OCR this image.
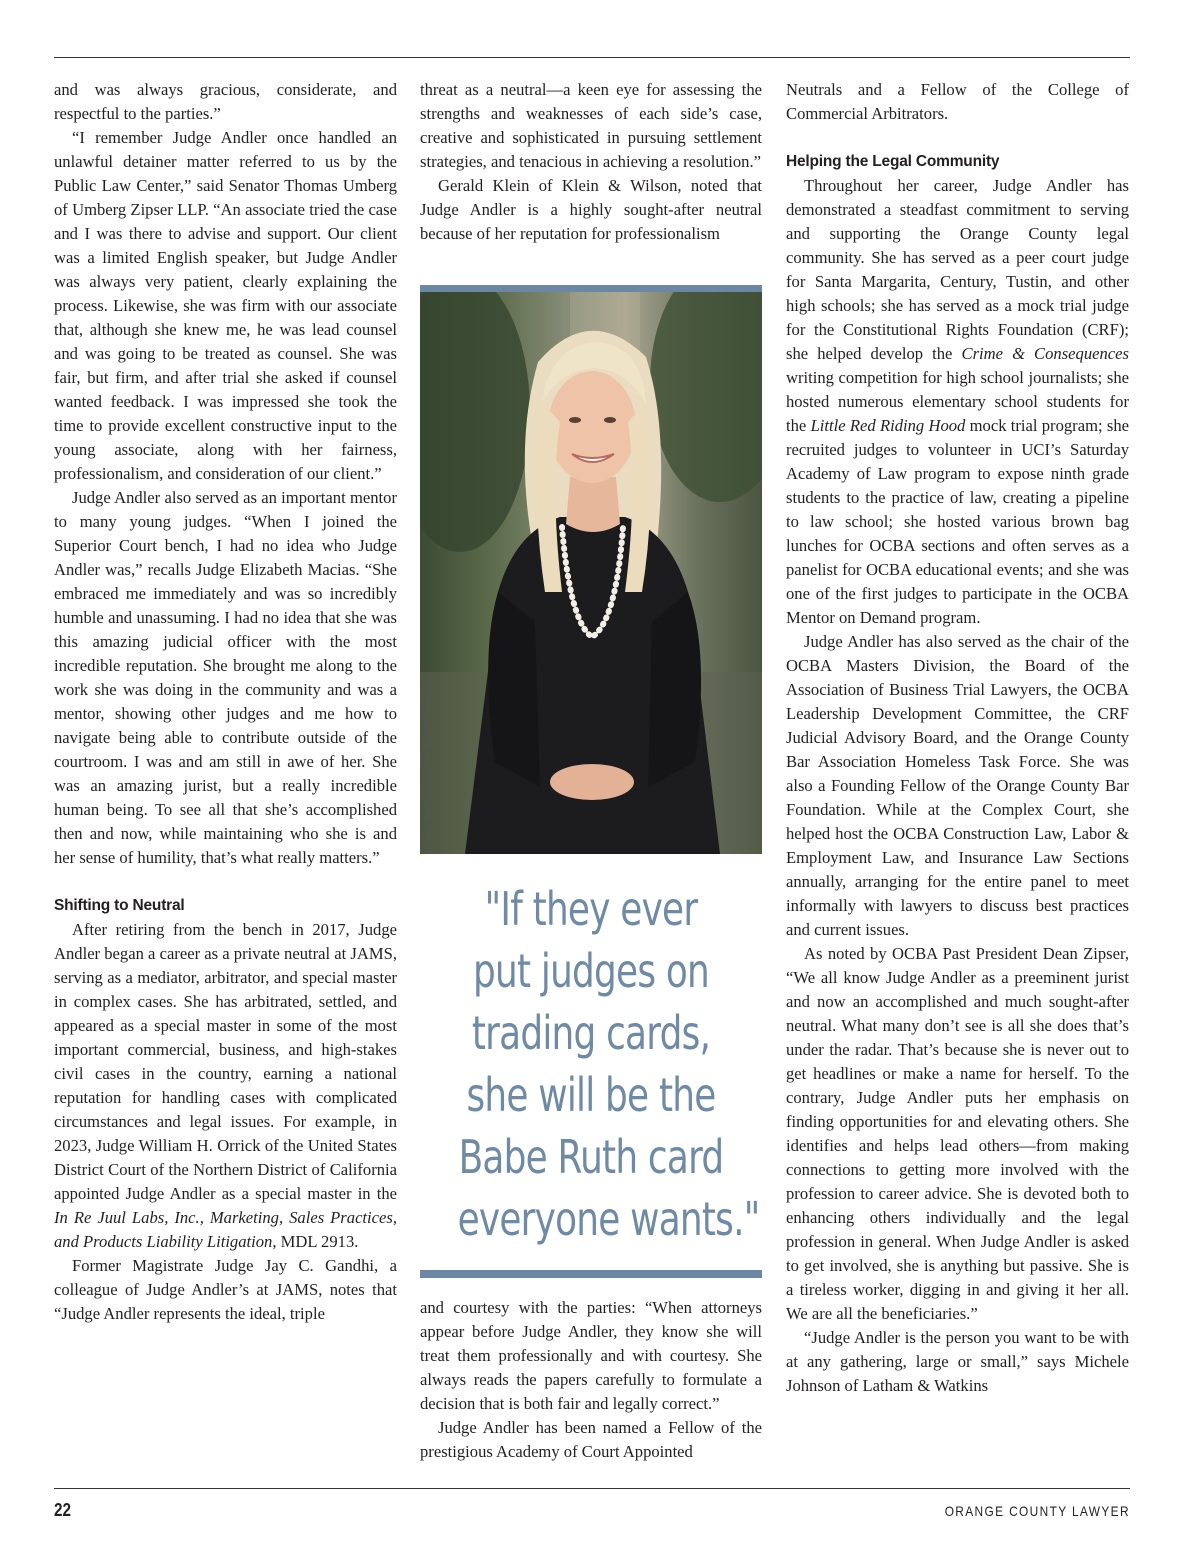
and was always gracious, considerate, and respectful to the parties.”

“I remember Judge Andler once handled an unlawful detainer matter referred to us by the Public Law Center,” said Senator Thomas Umberg of Umberg Zipser LLP. “An associate tried the case and I was there to advise and support. Our client was a limited English speaker, but Judge Andler was always very patient, clearly explaining the process. Likewise, she was firm with our associate that, although she knew me, he was lead counsel and was going to be treated as counsel. She was fair, but firm, and after trial she asked if counsel wanted feedback. I was impressed she took the time to provide excellent constructive input to the young associate, along with her fairness, professionalism, and consideration of our client.”

Judge Andler also served as an important mentor to many young judges. “When I joined the Superior Court bench, I had no idea who Judge Andler was,” recalls Judge Elizabeth Macias. “She embraced me immediately and was so incredibly humble and unassuming. I had no idea that she was this amazing judicial officer with the most incredible reputation. She brought me along to the work she was doing in the community and was a mentor, showing other judges and me how to navigate being able to contribute outside of the courtroom. I was and am still in awe of her. She was an amazing jurist, but a really incredible human being. To see all that she’s accomplished then and now, while maintaining who she is and her sense of humility, that’s what really matters.”

Shifting to Neutral

After retiring from the bench in 2017, Judge Andler began a career as a private neutral at JAMS, serving as a mediator, arbitrator, and special master in complex cases. She has arbitrated, settled, and appeared as a special master in some of the most important commercial, business, and high-stakes civil cases in the country, earning a national reputation for handling cases with complicated circumstances and legal issues. For example, in 2023, Judge William H. Orrick of the United States District Court of the Northern District of California appointed Judge Andler as a special master in the In Re Juul Labs, Inc., Marketing, Sales Practices, and Products Liability Litigation, MDL 2913.

Former Magistrate Judge Jay C. Gandhi, a colleague of Judge Andler’s at JAMS, notes that “Judge Andler represents the ideal, triple

threat as a neutral—a keen eye for assessing the strengths and weaknesses of each side’s case, creative and sophisticated in pursuing settlement strategies, and tenacious in achieving a resolution.”

Gerald Klein of Klein & Wilson, noted that Judge Andler is a highly sought-after neutral because of her reputation for professionalism

Photo by Christopher TODD Studios
"If they ever
put judges on
trading cards,
she will be the
Babe Ruth card
everyone wants."

and courtesy with the parties: “When attorneys appear before Judge Andler, they know she will treat them professionally and with courtesy. She always reads the papers carefully to formulate a decision that is both fair and legally correct.”

Judge Andler has been named a Fellow of the prestigious Academy of Court Appointed

Neutrals and a Fellow of the College of Commercial Arbitrators.

Helping the Legal Community

Throughout her career, Judge Andler has demonstrated a steadfast commitment to serving and supporting the Orange County legal community. She has served as a peer court judge for Santa Margarita, Century, Tustin, and other high schools; she has served as a mock trial judge for the Constitutional Rights Foundation (CRF); she helped develop the Crime & Consequences writing competition for high school journalists; she hosted numerous elementary school students for the Little Red Riding Hood mock trial program; she recruited judges to volunteer in UCI’s Saturday Academy of Law program to expose ninth grade students to the practice of law, creating a pipeline to law school; she hosted various brown bag lunches for OCBA sections and often serves as a panelist for OCBA educational events; and she was one of the first judges to participate in the OCBA Mentor on Demand program.

Judge Andler has also served as the chair of the OCBA Masters Division, the Board of the Association of Business Trial Lawyers, the OCBA Leadership Development Committee, the CRF Judicial Advisory Board, and the Orange County Bar Association Homeless Task Force. She was also a Founding Fellow of the Orange County Bar Foundation. While at the Complex Court, she helped host the OCBA Construction Law, Labor & Employment Law, and Insurance Law Sections annually, arranging for the entire panel to meet informally with lawyers to discuss best practices and current issues.

As noted by OCBA Past President Dean Zipser, “We all know Judge Andler as a preeminent jurist and now an accomplished and much sought-after neutral. What many don’t see is all she does that’s under the radar. That’s because she is never out to get headlines or make a name for herself. To the contrary, Judge Andler puts her emphasis on finding opportunities for and elevating others. She identifies and helps lead others—from making connections to getting more involved with the profession to career advice. She is devoted both to enhancing others individually and the legal profession in general. When Judge Andler is asked to get involved, she is anything but passive. She is a tireless worker, digging in and giving it her all. We are all the beneficiaries.”

“Judge Andler is the person you want to be with at any gathering, large or small,” says Michele Johnson of Latham & Watkins

22	ORANGE COUNTY LAWYER
